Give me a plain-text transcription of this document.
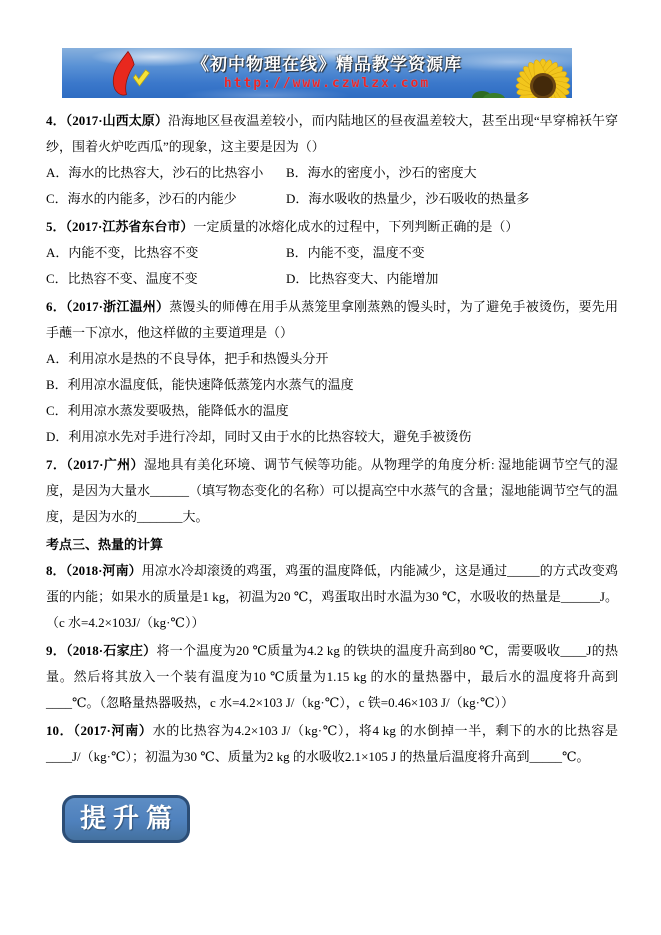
《初中物理在线》精品教学资源库
http://www.czwlzx.com

4．（2017·山西太原）沿海地区昼夜温差较小，而内陆地区的昼夜温差较大，甚至出现“早穿棉袄午穿纱，围着火炉吃西瓜”的现象，这主要是因为（）

A．海水的比热容大，沙石的比热容小	B．海水的密度小，沙石的密度大
C．海水的内能多，沙石的内能少	D．海水吸收的热量少，沙石吸收的热量多

5．（2017·江苏省东台市）一定质量的冰熔化成水的过程中，下列判断正确的是（）

A．内能不变，比热容不变	B．内能不变，温度不变
C．比热容不变、温度不变	D．比热容变大、内能增加

6．（2017·浙江温州）蒸馒头的师傅在用手从蒸笼里拿刚蒸熟的馒头时，为了避免手被烫伤，要先用手蘸一下凉水，他这样做的主要道理是（）

A．利用凉水是热的不良导体，把手和热馒头分开
B．利用凉水温度低，能快速降低蒸笼内水蒸气的温度
C．利用凉水蒸发要吸热，能降低水的温度
D．利用凉水先对手进行冷却，同时又由于水的比热容较大，避免手被烫伤

7．（2017·广州）湿地具有美化环境、调节气候等功能。从物理学的角度分析: 湿地能调节空气的湿度，是因为大量水______（填写物态变化的名称）可以提高空中水蒸气的含量；湿地能调节空气的温度，是因为水的_______大。

考点三、热量的计算

8．（2018·河南）用凉水冷却滚烫的鸡蛋，鸡蛋的温度降低，内能减少，这是通过_____的方式改变鸡蛋的内能；如果水的质量是1 kg，初温为20 ℃，鸡蛋取出时水温为30 ℃，水吸收的热量是______J。（c 水=4.2×103J/（kg·℃））

9．（2018·石家庄）将一个温度为20 ℃质量为4.2 kg 的铁块的温度升高到80 ℃，需要吸收____J的热量。然后将其放入一个装有温度为10 ℃质量为1.15 kg 的水的量热器中，最后水的温度将升高到____℃。（忽略量热器吸热，c 水=4.2×103 J/（kg·℃），c 铁=0.46×103 J/（kg·℃））

10．（2017·河南）水的比热容为4.2×103 J/（kg·℃），将4 kg 的水倒掉一半，剩下的水的比热容是____J/（kg·℃）；初温为30 ℃、质量为2 kg 的水吸收2.1×105 J 的热量后温度将升高到_____℃。

提升篇
